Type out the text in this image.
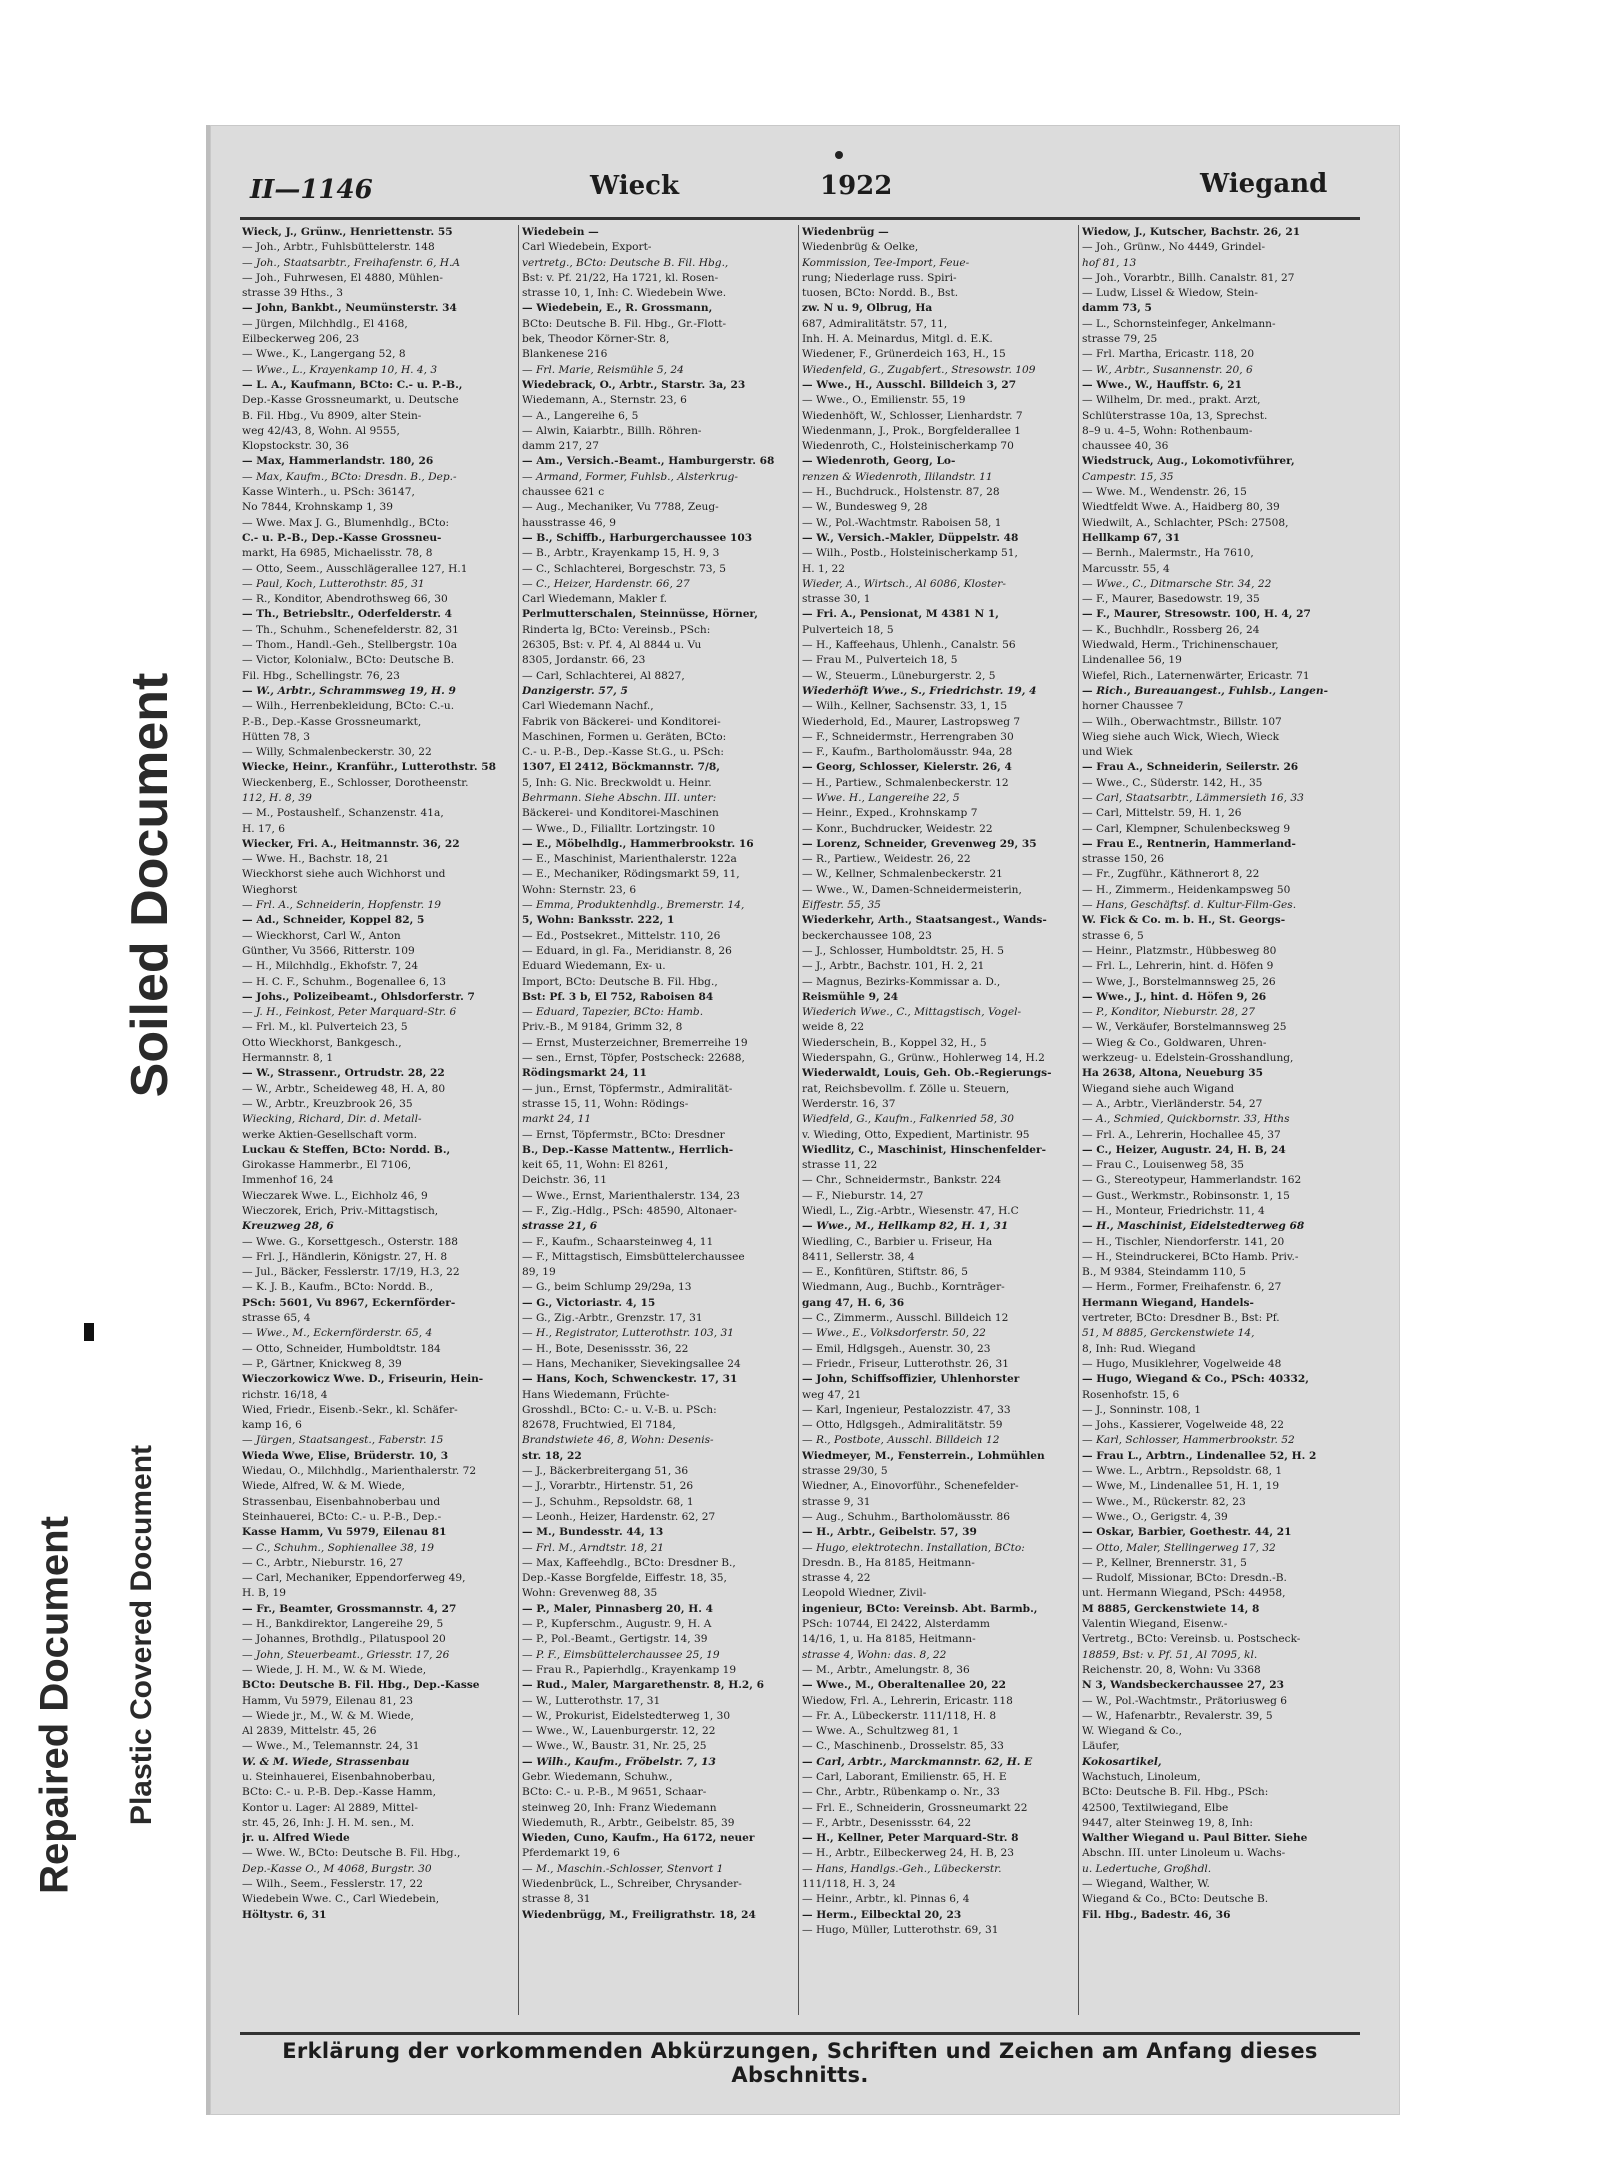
Soiled Document
Repaired Document Plastic Covered Document
II—1146	Wieck	1922	Wiegand
Wieck, J., Grünw., Henriettenstr. 55
— Joh., Arbtr., Fuhlsbüttelerstr. 148
— Joh., Staatsarbtr., Freihafenstr. 6, H.A
— Joh., Fuhrwesen, El 4880, Mühlen-
strasse 39 Hths., 3
— John, Bankbt., Neumünsterstr. 34
— Jürgen, Milchhdlg., El 4168,
Eilbeckerweg 206, 23
— Wwe., K., Langergang 52, 8
— Wwe., L., Krayenkamp 10, H. 4, 3
— L. A., Kaufmann, BCto: C.- u. P.-B.,
Dep.-Kasse Grossneumarkt, u. Deutsche
B. Fil. Hbg., Vu 8909, alter Stein-
weg 42/43, 8, Wohn. Al 9555,
Klopstockstr. 30, 36
— Max, Hammerlandstr. 180, 26
— Max, Kaufm., BCto: Dresdn. B., Dep.-
Kasse Winterh., u. PSch: 36147,
No 7844, Krohnskamp 1, 39
— Wwe. Max J. G., Blumenhdlg., BCto:
C.- u. P.-B., Dep.-Kasse Grossneu-
markt, Ha 6985, Michaelisstr. 78, 8
— Otto, Seem., Ausschlägerallee 127, H.1
— Paul, Koch, Lutterothstr. 85, 31
— R., Konditor, Abendrothsweg 66, 30
— Th., Betriebsltr., Oderfelderstr. 4
— Th., Schuhm., Schenefelderstr. 82, 31
— Thom., Handl.-Geh., Stellbergstr. 10a
— Victor, Kolonialw., BCto: Deutsche B.
Fil. Hbg., Schellingstr. 76, 23
— W., Arbtr., Schrammsweg 19, H. 9
— Wilh., Herrenbekleidung, BCto: C.-u.
P.-B., Dep.-Kasse Grossneumarkt,
Hütten 78, 3
— Willy, Schmalenbeckerstr. 30, 22
Wiecke, Heinr., Kranführ., Lutterothstr. 58
Wieckenberg, E., Schlosser, Dorotheenstr.
112, H. 8, 39
— M., Postaushelf., Schanzenstr. 41a,
H. 17, 6
Wiecker, Fri. A., Heitmannstr. 36, 22
— Wwe. H., Bachstr. 18, 21
Wieckhorst siehe auch Wichhorst und
Wieghorst
— Frl. A., Schneiderin, Hopfenstr. 19
— Ad., Schneider, Koppel 82, 5
— Wieckhorst, Carl W., Anton
Günther, Vu 3566, Ritterstr. 109
— H., Milchhdlg., Ekhofstr. 7, 24
— H. C. F., Schuhm., Bogenallee 6, 13
— Johs., Polizeibeamt., Ohlsdorferstr. 7
— J. H., Feinkost, Peter Marquard-Str. 6
— Frl. M., kl. Pulverteich 23, 5
Otto Wieckhorst, Bankgesch.,
Hermannstr. 8, 1
— W., Strassenr., Ortrudstr. 28, 22
— W., Arbtr., Scheideweg 48, H. A, 80
— W., Arbtr., Kreuzbrook 26, 35
Wiecking, Richard, Dir. d. Metall-
werke Aktien-Gesellschaft vorm.
Luckau & Steffen, BCto: Nordd. B.,
Girokasse Hammerbr., El 7106,
Immenhof 16, 24
Wieczarek Wwe. L., Eichholz 46, 9
Wieczorek, Erich, Priv.-Mittagstisch,
Kreuzweg 28, 6
— Wwe. G., Korsettgesch., Osterstr. 188
— Frl. J., Händlerin, Königstr. 27, H. 8
— Jul., Bäcker, Fesslerstr. 17/19, H.3, 22
— K. J. B., Kaufm., BCto: Nordd. B.,
PSch: 5601, Vu 8967, Eckernförder-
strasse 65, 4
— Wwe., M., Eckernförderstr. 65, 4
— Otto, Schneider, Humboldtstr. 184
— P., Gärtner, Knickweg 8, 39
Wieczorkowicz Wwe. D., Friseurin, Hein-
richstr. 16/18, 4
Wied, Friedr., Eisenb.-Sekr., kl. Schäfer-
kamp 16, 6
— Jürgen, Staatsangest., Faberstr. 15
Wieda Wwe, Elise, Brüderstr. 10, 3
Wiedau, O., Milchhdlg., Marienthalerstr. 72
Wiede, Alfred, W. & M. Wiede,
Strassenbau, Eisenbahnoberbau und
Steinhauerei, BCto: C.- u. P.-B., Dep.-
Kasse Hamm, Vu 5979, Eilenau 81
— C., Schuhm., Sophienallee 38, 19
— C., Arbtr., Nieburstr. 16, 27
— Carl, Mechaniker, Eppendorferweg 49,
H. B, 19
— Fr., Beamter, Grossmannstr. 4, 27
— H., Bankdirektor, Langereihe 29, 5
— Johannes, Brothdlg., Pilatuspool 20
— John, Steuerbeamt., Griesstr. 17, 26
— Wiede, J. H. M., W. & M. Wiede,
BCto: Deutsche B. Fil. Hbg., Dep.-Kasse
Hamm, Vu 5979, Eilenau 81, 23
— Wiede jr., M., W. & M. Wiede,
Al 2839, Mittelstr. 45, 26
— Wwe., M., Telemannstr. 24, 31
W. & M. Wiede, Strassenbau
u. Steinhauerei, Eisenbahnoberbau,
BCto: C.- u. P.-B. Dep.-Kasse Hamm,
Kontor u. Lager: Al 2889, Mittel-
str. 45, 26, Inh: J. H. M. sen., M.
jr. u. Alfred Wiede
— Wwe. W., BCto: Deutsche B. Fil. Hbg.,
Dep.-Kasse O., M 4068, Burgstr. 30
— Wilh., Seem., Fesslerstr. 17, 22
Wiedebein Wwe. C., Carl Wiedebein,
Höltystr. 6, 31
Wiedebein —
Carl Wiedebein, Export-
vertretg., BCto: Deutsche B. Fil. Hbg.,
Bst: v. Pf. 21/22, Ha 1721, kl. Rosen-
strasse 10, 1, Inh: C. Wiedebein Wwe.
— Wiedebein, E., R. Grossmann,
BCto: Deutsche B. Fil. Hbg., Gr.-Flott-
bek, Theodor Körner-Str. 8,
Blankenese 216
— Frl. Marie, Reismühle 5, 24
Wiedebrack, O., Arbtr., Starstr. 3a, 23
Wiedemann, A., Sternstr. 23, 6
— A., Langereihe 6, 5
— Alwin, Kaiarbtr., Billh. Röhren-
damm 217, 27
— Am., Versich.-Beamt., Hamburgerstr. 68
— Armand, Former, Fuhlsb., Alsterkrug-
chaussee 621 c
— Aug., Mechaniker, Vu 7788, Zeug-
hausstrasse 46, 9
— B., Schiffb., Harburgerchaussee 103
— B., Arbtr., Krayenkamp 15, H. 9, 3
— C., Schlachterei, Borgeschstr. 73, 5
— C., Heizer, Hardenstr. 66, 27
Carl Wiedemann, Makler f.
Perlmutterschalen, Steinnüsse, Hörner,
Rinderta lg, BCto: Vereinsb., PSch:
26305, Bst: v. Pf. 4, Al 8844 u. Vu
8305, Jordanstr. 66, 23
— Carl, Schlachterei, Al 8827,
Danzigerstr. 57, 5
Carl Wiedemann Nachf.,
Fabrik von Bäckerei- und Konditorei-
Maschinen, Formen u. Geräten, BCto:
C.- u. P.-B., Dep.-Kasse St.G., u. PSch:
1307, El 2412, Böckmannstr. 7/8,
5, Inh: G. Nic. Breckwoldt u. Heinr.
Behrmann. Siehe Abschn. III. unter:
Bäckerei- und Konditorei-Maschinen
— Wwe., D., Filialltr. Lortzingstr. 10
— E., Möbelhdlg., Hammerbrookstr. 16
— E., Maschinist, Marienthalerstr. 122a
— E., Mechaniker, Rödingsmarkt 59, 11,
Wohn: Sternstr. 23, 6
— Emma, Produktenhdlg., Bremerstr. 14,
5, Wohn: Banksstr. 222, 1
— Ed., Postsekret., Mittelstr. 110, 26
— Eduard, in gl. Fa., Meridianstr. 8, 26
Eduard Wiedemann, Ex- u.
Import, BCto: Deutsche B. Fil. Hbg.,
Bst: Pf. 3 b, El 752, Raboisen 84
— Eduard, Tapezier, BCto: Hamb.
Priv.-B., M 9184, Grimm 32, 8
— Ernst, Musterzeichner, Bremerreihe 19
— sen., Ernst, Töpfer, Postscheck: 22688,
Rödingsmarkt 24, 11
— jun., Ernst, Töpfermstr., Admiralität-
strasse 15, 11, Wohn: Rödings-
markt 24, 11
— Ernst, Töpfermstr., BCto: Dresdner
B., Dep.-Kasse Mattentw., Herrlich-
keit 65, 11, Wohn: El 8261,
Deichstr. 36, 11
— Wwe., Ernst, Marienthalerstr. 134, 23
— F., Zig.-Hdlg., PSch: 48590, Altonaer-
strasse 21, 6
— F., Kaufm., Schaarsteinweg 4, 11
— F., Mittagstisch, Eimsbüttelerchaussee
89, 19
— G., beim Schlump 29/29a, 13
— G., Victoriastr. 4, 15
— G., Zig.-Arbtr., Grenzstr. 17, 31
— H., Registrator, Lutterothstr. 103, 31
— H., Bote, Desenissstr. 36, 22
— Hans, Mechaniker, Sievekingsallee 24
— Hans, Koch, Schwenckestr. 17, 31
Hans Wiedemann, Früchte-
Grosshdl., BCto: C.- u. V.-B. u. PSch:
82678, Fruchtwied, El 7184,
Brandstwiete 46, 8, Wohn: Desenis-
str. 18, 22
— J., Bäckerbreitergang 51, 36
— J., Vorarbtr., Hirtenstr. 51, 26
— J., Schuhm., Repsoldstr. 68, 1
— Leonh., Heizer, Hardenstr. 62, 27
— M., Bundesstr. 44, 13
— Frl. M., Arndtstr. 18, 21
— Max, Kaffeehdlg., BCto: Dresdner B.,
Dep.-Kasse Borgfelde, Eiffestr. 18, 35,
Wohn: Grevenweg 88, 35
— P., Maler, Pinnasberg 20, H. 4
— P., Kupferschm., Augustr. 9, H. A
— P., Pol.-Beamt., Gertigstr. 14, 39
— P. F., Eimsbüttelerchaussee 25, 19
— Frau R., Papierhdlg., Krayenkamp 19
— Rud., Maler, Margarethenstr. 8, H.2, 6
— W., Lutterothstr. 17, 31
— W., Prokurist, Eidelstedterweg 1, 30
— Wwe., W., Lauenburgerstr. 12, 22
— Wwe., W., Baustr. 31, Nr. 25, 25
— Wilh., Kaufm., Fröbelstr. 7, 13
Gebr. Wiedemann, Schuhw.,
BCto: C.- u. P.-B., M 9651, Schaar-
steinweg 20, Inh: Franz Wiedemann
Wiedemuth, R., Arbtr., Geibelstr. 85, 39
Wieden, Cuno, Kaufm., Ha 6172, neuer
Pferdemarkt 19, 6
— M., Maschin.-Schlosser, Stenvort 1
Wiedenbrück, L., Schreiber, Chrysander-
strasse 8, 31
Wiedenbrügg, M., Freiligrathstr. 18, 24
Wiedenbrüg —
Wiedenbrüg & Oelke,
Kommission, Tee-Import, Feue-
rung; Niederlage russ. Spiri-
tuosen, BCto: Nordd. B., Bst.
zw. N u. 9, Olbrug, Ha
687, Admiralitätstr. 57, 11,
Inh. H. A. Meinardus, Mitgl. d. E.K.
Wiedener, F., Grünerdeich 163, H., 15
Wiedenfeld, G., Zugabfert., Stresowstr. 109
— Wwe., H., Ausschl. Billdeich 3, 27
— Wwe., O., Emilienstr. 55, 19
Wiedenhöft, W., Schlosser, Lienhardstr. 7
Wiedenmann, J., Prok., Borgfelderallee 1
Wiedenroth, C., Holsteinischerkamp 70
— Wiedenroth, Georg, Lo-
renzen & Wiedenroth, Ililandstr. 11
— H., Buchdruck., Holstenstr. 87, 28
— W., Bundesweg 9, 28
— W., Pol.-Wachtmstr. Raboisen 58, 1
— W., Versich.-Makler, Düppelstr. 48
— Wilh., Postb., Holsteinischerkamp 51,
H. 1, 22
Wieder, A., Wirtsch., Al 6086, Kloster-
strasse 30, 1
— Fri. A., Pensionat, M 4381 N 1,
Pulverteich 18, 5
— H., Kaffeehaus, Uhlenh., Canalstr. 56
— Frau M., Pulverteich 18, 5
— W., Steuerm., Lüneburgerstr. 2, 5
Wiederhöft Wwe., S., Friedrichstr. 19, 4
— Wilh., Kellner, Sachsenstr. 33, 1, 15
Wiederhold, Ed., Maurer, Lastropsweg 7
— F., Schneidermstr., Herrengraben 30
— F., Kaufm., Bartholomäusstr. 94a, 28
— Georg, Schlosser, Kielerstr. 26, 4
— H., Partiew., Schmalenbeckerstr. 12
— Wwe. H., Langereihe 22, 5
— Heinr., Exped., Krohnskamp 7
— Konr., Buchdrucker, Weidestr. 22
— Lorenz, Schneider, Grevenweg 29, 35
— R., Partiew., Weidestr. 26, 22
— W., Kellner, Schmalenbeckerstr. 21
— Wwe., W., Damen-Schneidermeisterin,
Eiffestr. 55, 35
Wiederkehr, Arth., Staatsangest., Wands-
beckerchaussee 108, 23
— J., Schlosser, Humboldtstr. 25, H. 5
— J., Arbtr., Bachstr. 101, H. 2, 21
— Magnus, Bezirks-Kommissar a. D.,
Reismühle 9, 24
Wiederich Wwe., C., Mittagstisch, Vogel-
weide 8, 22
Wiederschein, B., Koppel 32, H., 5
Wiederspahn, G., Grünw., Hohlerweg 14, H.2
Wiederwaldt, Louis, Geh. Ob.-Regierungs-
rat, Reichsbevollm. f. Zölle u. Steuern,
Werderstr. 16, 37
Wiedfeld, G., Kaufm., Falkenried 58, 30
v. Wieding, Otto, Expedient, Martinistr. 95
Wiedlitz, C., Maschinist, Hinschenfelder-
strasse 11, 22
— Chr., Schneidermstr., Bankstr. 224
— F., Nieburstr. 14, 27
Wiedl, L., Zig.-Arbtr., Wiesenstr. 47, H.C
— Wwe., M., Hellkamp 82, H. 1, 31
Wiedling, C., Barbier u. Friseur, Ha
8411, Sellerstr. 38, 4
— E., Konfitüren, Stiftstr. 86, 5
Wiedmann, Aug., Buchb., Korntrāger-
gang 47, H. 6, 36
— C., Zimmerm., Ausschl. Billdeich 12
— Wwe., E., Volksdorferstr. 50, 22
— Emil, Hdlgsgeh., Auenstr. 30, 23
— Friedr., Friseur, Lutterothstr. 26, 31
— John, Schiffsoffizier, Uhlenhorster
weg 47, 21
— Karl, Ingenieur, Pestalozzistr. 47, 33
— Otto, Hdlgsgeh., Admiralitätstr. 59
— R., Postbote, Ausschl. Billdeich 12
Wiedmeyer, M., Fensterrein., Lohmühlen
strasse 29/30, 5
Wiedner, A., Einovorführ., Schenefelder-
strasse 9, 31
— Aug., Schuhm., Bartholomäusstr. 86
— H., Arbtr., Geibelstr. 57, 39
— Hugo, elektrotechn. Installation, BCto:
Dresdn. B., Ha 8185, Heitmann-
strasse 4, 22
Leopold Wiedner, Zivil-
ingenieur, BCto: Vereinsb. Abt. Barmb.,
PSch: 10744, El 2422, Alsterdamm
14/16, 1, u. Ha 8185, Heitmann-
strasse 4, Wohn: das. 8, 22
— M., Arbtr., Amelungstr. 8, 36
— Wwe., M., Oberaltenallee 20, 22
Wiedow, Frl. A., Lehrerin, Ericastr. 118
— Fr. A., Lübeckerstr. 111/118, H. 8
— Wwe. A., Schultzweg 81, 1
— C., Maschinenb., Drosselstr. 85, 33
— Carl, Arbtr., Marckmannstr. 62, H. E
— Carl, Laborant, Emilienstr. 65, H. E
— Chr., Arbtr., Rübenkamp o. Nr., 33
— Frl. E., Schneiderin, Grossneumarkt 22
— F., Arbtr., Desenissstr. 64, 22
— H., Kellner, Peter Marquard-Str. 8
— H., Arbtr., Eilbeckerweg 24, H. B, 23
— Hans, Handlgs.-Geh., Lübeckerstr.
111/118, H. 3, 24
— Heinr., Arbtr., kl. Pinnas 6, 4
— Herm., Eilbecktal 20, 23
— Hugo, Müller, Lutterothstr. 69, 31
Wiedow, J., Kutscher, Bachstr. 26, 21
— Joh., Grünw., No 4449, Grindel-
hof 81, 13
— Joh., Vorarbtr., Billh. Canalstr. 81, 27
— Ludw, Lissel & Wiedow, Stein-
damm 73, 5
— L., Schornsteinfeger, Ankelmann-
strasse 79, 25
— Frl. Martha, Ericastr. 118, 20
— W., Arbtr., Susannenstr. 20, 6
— Wwe., W., Hauffstr. 6, 21
— Wilhelm, Dr. med., prakt. Arzt,
Schlüterstrasse 10a, 13, Sprechst.
8–9 u. 4–5, Wohn: Rothenbaum-
chaussee 40, 36
Wiedstruck, Aug., Lokomotivführer,
Campestr. 15, 35
— Wwe. M., Wendenstr. 26, 15
Wiedtfeldt Wwe. A., Haidberg 80, 39
Wiedwilt, A., Schlachter, PSch: 27508,
Hellkamp 67, 31
— Bernh., Malermstr., Ha 7610,
Marcusstr. 55, 4
— Wwe., C., Ditmarsche Str. 34, 22
— F., Maurer, Basedowstr. 19, 35
— F., Maurer, Stresowstr. 100, H. 4, 27
— K., Buchhdlr., Rossberg 26, 24
Wiedwald, Herm., Trichinenschauer,
Lindenallee 56, 19
Wiefel, Rich., Laternenwärter, Ericastr. 71
— Rich., Bureauangest., Fuhlsb., Langen-
horner Chaussee 7
— Wilh., Oberwachtmstr., Billstr. 107
Wieg siehe auch Wick, Wiech, Wieck
und Wiek
— Frau A., Schneiderin, Seilerstr. 26
— Wwe., C., Süderstr. 142, H., 35
— Carl, Staatsarbtr., Lämmersieth 16, 33
— Carl, Mittelstr. 59, H. 1, 26
— Carl, Klempner, Schulenbecksweg 9
— Frau E., Rentnerin, Hammerland-
strasse 150, 26
— Fr., Zugführ., Käthnerort 8, 22
— H., Zimmerm., Heidenkampsweg 50
— Hans, Geschäftsf. d. Kultur-Film-Ges.
W. Fick & Co. m. b. H., St. Georgs-
strasse 6, 5
— Heinr., Platzmstr., Hübbesweg 80
— Frl. L., Lehrerin, hint. d. Höfen 9
— Wwe, J., Borstelmannsweg 25, 26
— Wwe., J., hint. d. Höfen 9, 26
— P., Konditor, Nieburstr. 28, 27
— W., Verkäufer, Borstelmannsweg 25
— Wieg & Co., Goldwaren, Uhren-
werkzeug- u. Edelstein-Grosshandlung,
Ha 2638, Altona, Neueburg 35
Wiegand siehe auch Wigand
— A., Arbtr., Vierländerstr. 54, 27
— A., Schmied, Quickbornstr. 33, Hths
— Frl. A., Lehrerin, Hochallee 45, 37
— C., Heizer, Augustr. 24, H. B, 24
— Frau C., Louisenweg 58, 35
— G., Stereotypeur, Hammerlandstr. 162
— Gust., Werkmstr., Robinsonstr. 1, 15
— H., Monteur, Friedrichstr. 11, 4
— H., Maschinist, Eidelstedterweg 68
— H., Tischler, Niendorferstr. 141, 20
— H., Steindruckerei, BCto Hamb. Priv.-
B., M 9384, Steindamm 110, 5
— Herm., Former, Freihafenstr. 6, 27
Hermann Wiegand, Handels-
vertreter, BCto: Dresdner B., Bst: Pf.
51, M 8885, Gerckenstwiete 14,
8, Inh: Rud. Wiegand
— Hugo, Musiklehrer, Vogelweide 48
— Hugo, Wiegand & Co., PSch: 40332,
Rosenhofstr. 15, 6
— J., Sonninstr. 108, 1
— Johs., Kassierer, Vogelweide 48, 22
— Karl, Schlosser, Hammerbrookstr. 52
— Frau L., Arbtrn., Lindenallee 52, H. 2
— Wwe. L., Arbtrn., Repsoldstr. 68, 1
— Wwe, M., Lindenallee 51, H. 1, 19
— Wwe., M., Rückerstr. 82, 23
— Wwe., O., Gerigstr. 4, 39
— Oskar, Barbier, Goethestr. 44, 21
— Otto, Maler, Stellingerweg 17, 32
— P., Kellner, Brennerstr. 31, 5
— Rudolf, Missionar, BCto: Dresdn.-B.
unt. Hermann Wiegand, PSch: 44958,
M 8885, Gerckenstwiete 14, 8
Valentin Wiegand, Eisenw.-
Vertretg., BCto: Vereinsb. u. Postscheck-
18859, Bst: v. Pf. 51, Al 7095, kl.
Reichenstr. 20, 8, Wohn: Vu 3368
N 3, Wandsbeckerchaussee 27, 23
— W., Pol.-Wachtmstr., Prätoriusweg 6
— W., Hafenarbtr., Revalerstr. 39, 5
W. Wiegand & Co.,
Läufer,
Kokosartikel,
Wachstuch, Linoleum,
BCto: Deutsche B. Fil. Hbg., PSch:
42500, Textilwiegand, Elbe
9447, alter Steinweg 19, 8, Inh:
Walther Wiegand u. Paul Bitter. Siehe
Abschn. III. unter Linoleum u. Wachs-
u. Ledertuche, Großhdl.
— Wiegand, Walther, W.
Wiegand & Co., BCto: Deutsche B.
Fil. Hbg., Badestr. 46, 36
Erklärung der vorkommenden Abkürzungen, Schriften und Zeichen am Anfang dieses Abschnitts.
